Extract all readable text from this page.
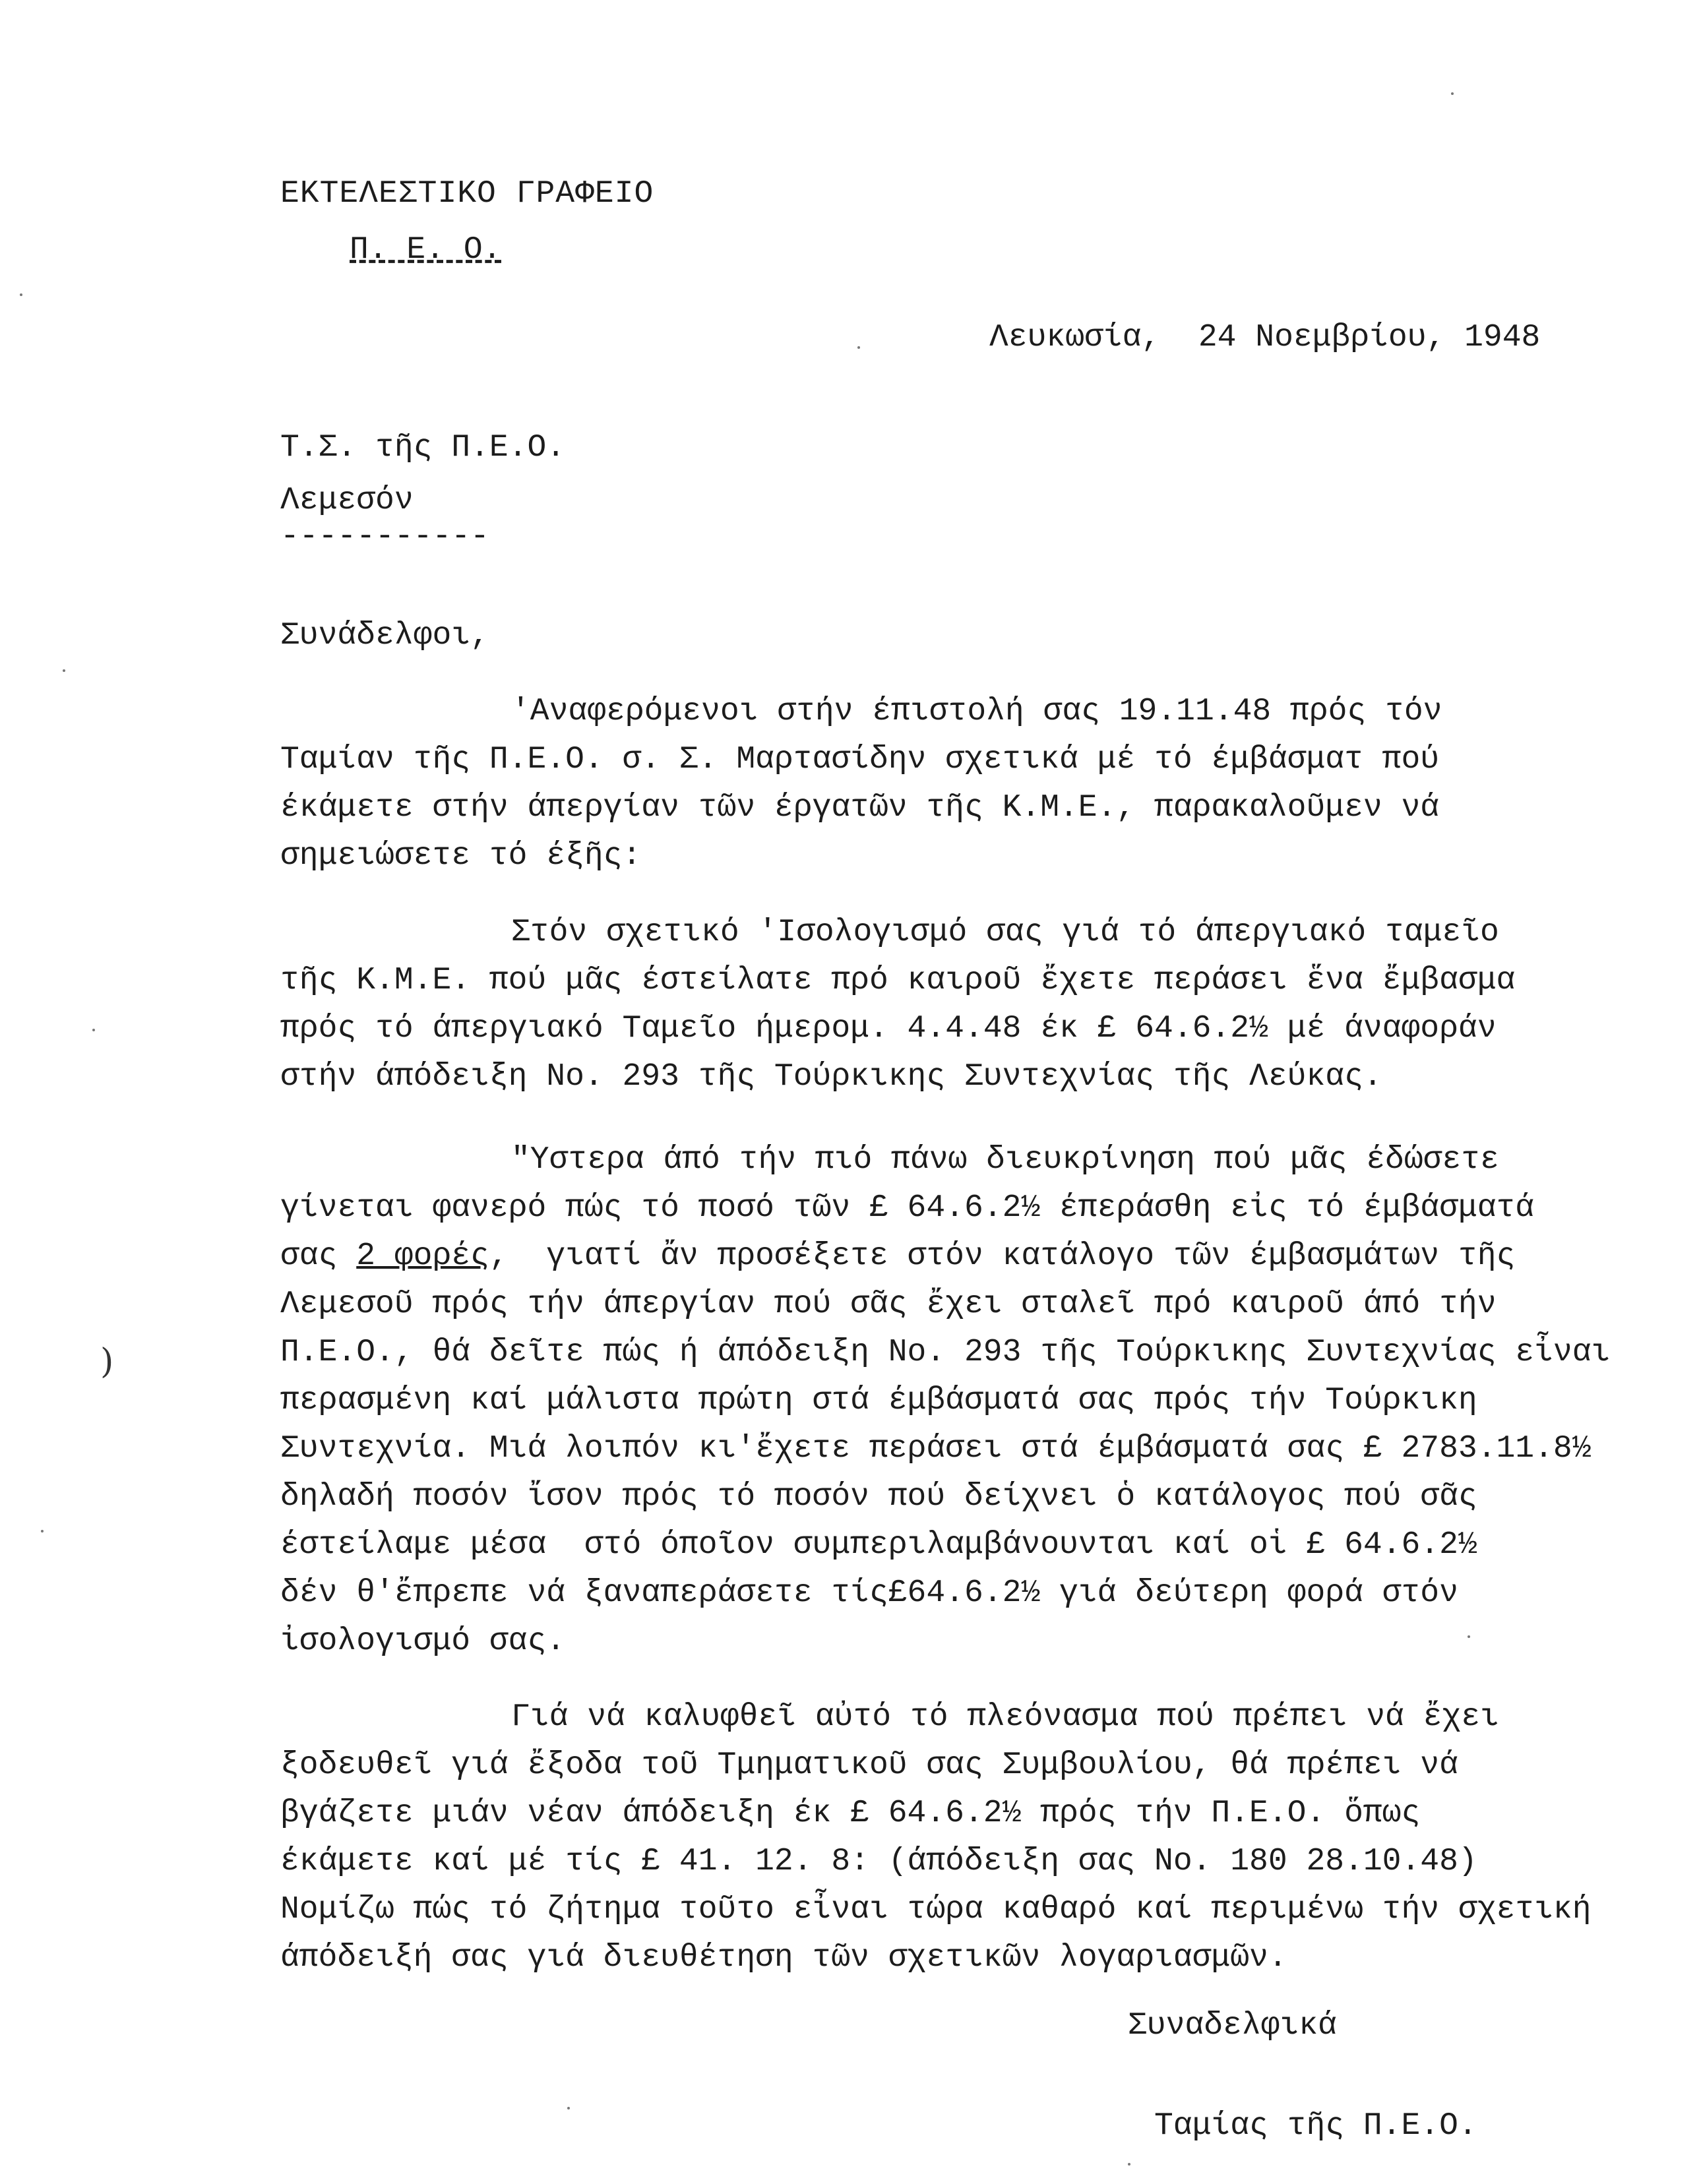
ΕΚΤΕΛΕΣΤΙΚΟ ΓΡΑΦΕΙΟ
Π. Ε. Ο.
Λευκωσία,  24 Νοεμβρίου, 1948
Τ.Σ. τῆς Π.Ε.Ο.
Λεμεσόν
-----------
Συνάδελφοι,
'Αναφερόμενοι στήν έπιστολή σας 19.11.48 πρός τόν
Ταμίαν τῆς Π.Ε.Ο. σ. Σ. Μαρτασίδην σχετικά μέ τό έμβάσματ πού
έκάμετε στήν άπεργίαν τῶν έργατῶν τῆς Κ.Μ.Ε., παρακαλοῦμεν νά
σημειώσετε τό έξῆς:
Στόν σχετικό 'Ισολογισμό σας γιά τό άπεργιακό ταμεῖο
τῆς Κ.Μ.Ε. πού μᾶς έστείλατε πρό καιροῦ ἔχετε περάσει ἕνα ἔμβασμα
πρός τό άπεργιακό Ταμεῖο ήμερομ. 4.4.48 έκ £ 64.6.2½ μέ άναφοράν
στήν άπόδειξη Νο. 293 τῆς Τούρκικης Συντεχνίας τῆς Λεύκας.
"Υστερα άπό τήν πιό πάνω διευκρίνηση πού μᾶς έδώσετε
γίνεται φανερό πώς τό ποσό τῶν £ 64.6.2½ έπεράσθη εἰς τό έμβάσματά
σας 2 φορές,  γιατί ἄν προσέξετε στόν κατάλογο τῶν έμβασμάτων τῆς
Λεμεσοῦ πρός τήν άπεργίαν πού σᾶς ἔχει σταλεῖ πρό καιροῦ άπό τήν
Π.Ε.Ο., θά δεῖτε πώς ή άπόδειξη Νο. 293 τῆς Τούρκικης Συντεχνίας εἶναι
περασμένη καί μάλιστα πρώτη στά έμβάσματά σας πρός τήν Τούρκικη
Συντεχνία. Μιά λοιπόν κι'ἔχετε περάσει στά έμβάσματά σας £ 2783.11.8½
δηλαδή ποσόν ἴσον πρός τό ποσόν πού δείχνει ὁ κατάλογος πού σᾶς
έστείλαμε μέσα  στό όποῖον συμπεριλαμβάνουνται καί οἱ £ 64.6.2½
δέν θ'ἔπρεπε νά ξαναπεράσετε τίς£64.6.2½ γιά δεύτερη φορά στόν
ἰσολογισμό σας.
Γιά νά καλυφθεῖ αὐτό τό πλεόνασμα πού πρέπει νά ἔχει
ξοδευθεῖ γιά ἔξοδα τοῦ Τμηματικοῦ σας Συμβουλίου, θά πρέπει νά
βγάζετε μιάν νέαν άπόδειξη έκ £ 64.6.2½ πρός τήν Π.Ε.Ο. ὅπως
έκάμετε καί μέ τίς £ 41. 12. 8: (άπόδειξη σας Νο. 180 28.10.48)
Νομίζω πώς τό ζήτημα τοῦτο εἶναι τώρα καθαρό καί περιμένω τήν σχετική
άπόδειξή σας γιά διευθέτηση τῶν σχετικῶν λογαριασμῶν.
Συναδελφικά
Ταμίας τῆς Π.Ε.Ο.
)
